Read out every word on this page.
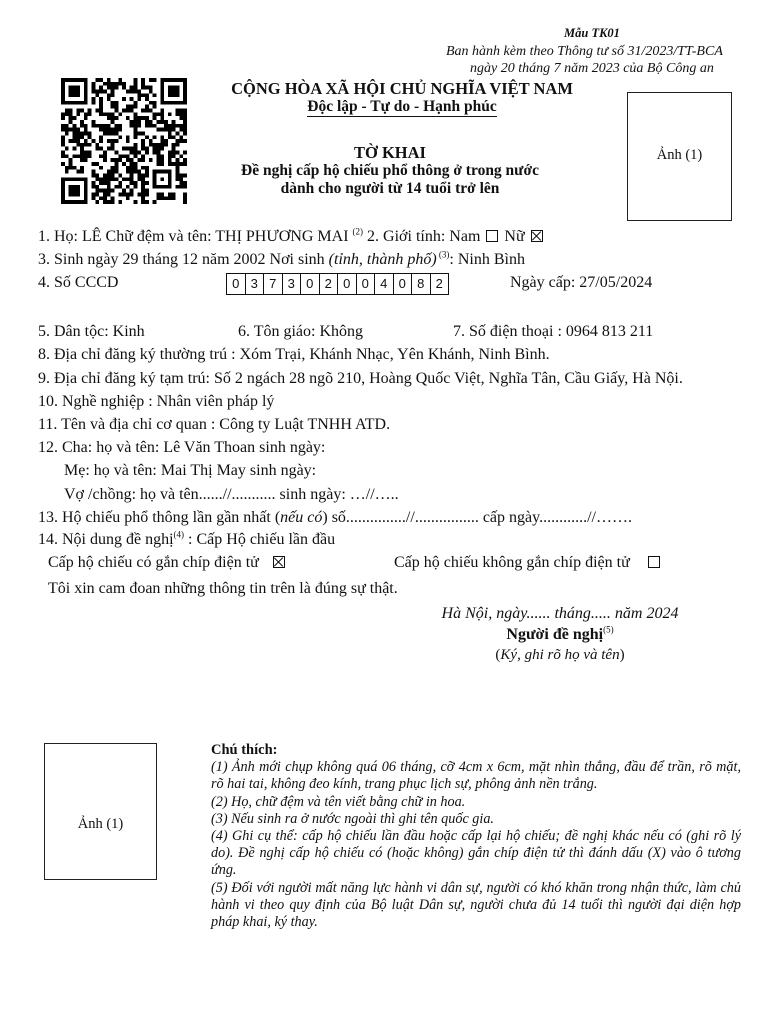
Mẫu TK01
Ban hành kèm theo Thông tư số 31/2023/TT-BCA
ngày 20 tháng 7 năm 2023 của Bộ Công an
CỘNG HÒA XÃ HỘI CHỦ NGHĨA VIỆT NAM
Độc lập - Tự do - Hạnh phúc
Ảnh (1)
TỜ KHAI
Đề nghị cấp hộ chiếu phổ thông ở trong nước
dành cho người từ 14 tuổi trở lên
1. Họ: LÊ Chữ đệm và tên: THỊ PHƯƠNG MAI $^{(2)}$ 2. Giới tính: Nam  Nữ
3. Sinh ngày 29 tháng 12 năm 2002 Nơi sinh (tỉnh, thành phố) $^{(3)}$: Ninh Bình
4. Số CCCD	0 3 7 3 0 2 0 0 4 0 8 2	Ngày cấp: 27/05/2024
5. Dân tộc: Kinh	6. Tôn giáo: Không	7. Số điện thoại : 0964 813 211
8. Địa chỉ đăng ký thường trú : Xóm Trại, Khánh Nhạc, Yên Khánh, Ninh Bình.
9. Địa chỉ đăng ký tạm trú: Số 2 ngách 28 ngõ 210, Hoàng Quốc Việt, Nghĩa Tân, Cầu Giấy, Hà Nội.
10. Nghề nghiệp : Nhân viên pháp lý
11. Tên và địa chỉ cơ quan : Công ty Luật TNHH ATD.
12. Cha: họ và tên: Lê Văn Thoan sinh ngày:
Mẹ: họ và tên: Mai Thị May sinh ngày:
Vợ /chồng: họ và tên......//........... sinh ngày: …//…..
13. Hộ chiếu phổ thông lần gần nhất (nếu có) số...............//................ cấp ngày............//…….
14. Nội dung đề nghị$^{(4)}$ : Cấp Hộ chiếu lần đầu
Cấp hộ chiếu có gắn chíp điện tử	Cấp hộ chiếu không gắn chíp điện tử
Tôi xin cam đoan những thông tin trên là đúng sự thật.
Hà Nội, ngày...... tháng..... năm 2024
Người đề nghị$^{(5)}$
(Ký, ghi rõ họ và tên)
Ảnh (1)
Chú thích:

(1) Ảnh mới chụp không quá 06 tháng, cỡ 4cm x 6cm, mặt nhìn thẳng, đầu để trần, rõ mặt, rõ hai tai, không đeo kính, trang phục lịch sự, phông ảnh nền trắng.

(2) Họ, chữ đệm và tên viết bằng chữ in hoa.

(3) Nếu sinh ra ở nước ngoài thì ghi tên quốc gia.

(4) Ghi cụ thể: cấp hộ chiếu lần đầu hoặc cấp lại hộ chiếu; đề nghị khác nếu có (ghi rõ lý do). Đề nghị cấp hộ chiếu có (hoặc không) gắn chíp điện tử thì đánh dấu (X) vào ô tương ứng.

(5) Đối với người mất năng lực hành vi dân sự, người có khó khăn trong nhận thức, làm chủ hành vi theo quy định của Bộ luật Dân sự, người chưa đủ 14 tuổi thì người đại diện hợp pháp khai, ký thay.
